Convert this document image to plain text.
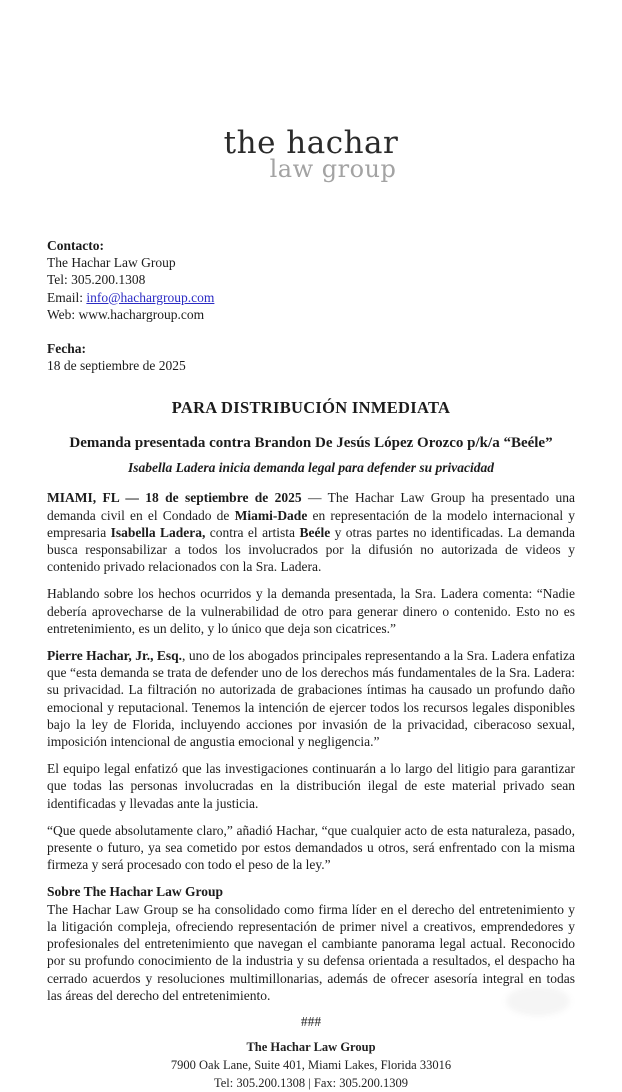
the hachar
law group
Contacto:
The Hachar Law Group
Tel: 305.200.1308
Email: info@hachargroup.com
Web: www.hachargroup.com
Fecha:
18 de septiembre de 2025
PARA DISTRIBUCIÓN INMEDIATA
Demanda presentada contra Brandon De Jesús López Orozco p/k/a “Beéle”
Isabella Ladera inicia demanda legal para defender su privacidad

MIAMI, FL — 18 de septiembre de 2025 — The Hachar Law Group ha presentado una demanda civil en el Condado de Miami-Dade en representación de la modelo internacional y empresaria Isabella Ladera, contra el artista Beéle y otras partes no identificadas. La demanda busca responsabilizar a todos los involucrados por la difusión no autorizada de videos y contenido privado relacionados con la Sra. Ladera.

Hablando sobre los hechos ocurridos y la demanda presentada, la Sra. Ladera comenta: “Nadie debería aprovecharse de la vulnerabilidad de otro para generar dinero o contenido. Esto no es entretenimiento, es un delito, y lo único que deja son cicatrices.”

Pierre Hachar, Jr., Esq., uno de los abogados principales representando a la Sra. Ladera enfatiza que “esta demanda se trata de defender uno de los derechos más fundamentales de la Sra. Ladera: su privacidad. La filtración no autorizada de grabaciones íntimas ha causado un profundo daño emocional y reputacional. Tenemos la intención de ejercer todos los recursos legales disponibles bajo la ley de Florida, incluyendo acciones por invasión de la privacidad, ciberacoso sexual, imposición intencional de angustia emocional y negligencia.”

El equipo legal enfatizó que las investigaciones continuarán a lo largo del litigio para garantizar que todas las personas involucradas en la distribución ilegal de este material privado sean identificadas y llevadas ante la justicia.

“Que quede absolutamente claro,” añadió Hachar, “que cualquier acto de esta naturaleza, pasado, presente o futuro, ya sea cometido por estos demandados u otros, será enfrentado con la misma firmeza y será procesado con todo el peso de la ley.”

Sobre The Hachar Law Group
The Hachar Law Group se ha consolidado como firma líder en el derecho del entretenimiento y la litigación compleja, ofreciendo representación de primer nivel a creativos, emprendedores y profesionales del entretenimiento que navegan el cambiante panorama legal actual. Reconocido por su profundo conocimiento de la industria y su defensa orientada a resultados, el despacho ha cerrado acuerdos y resoluciones multimillonarias, además de ofrecer asesoría integral en todas las áreas del derecho del entretenimiento.
###
The Hachar Law Group
7900 Oak Lane, Suite 401, Miami Lakes, Florida 33016
Tel: 305.200.1308 | Fax: 305.200.1309
